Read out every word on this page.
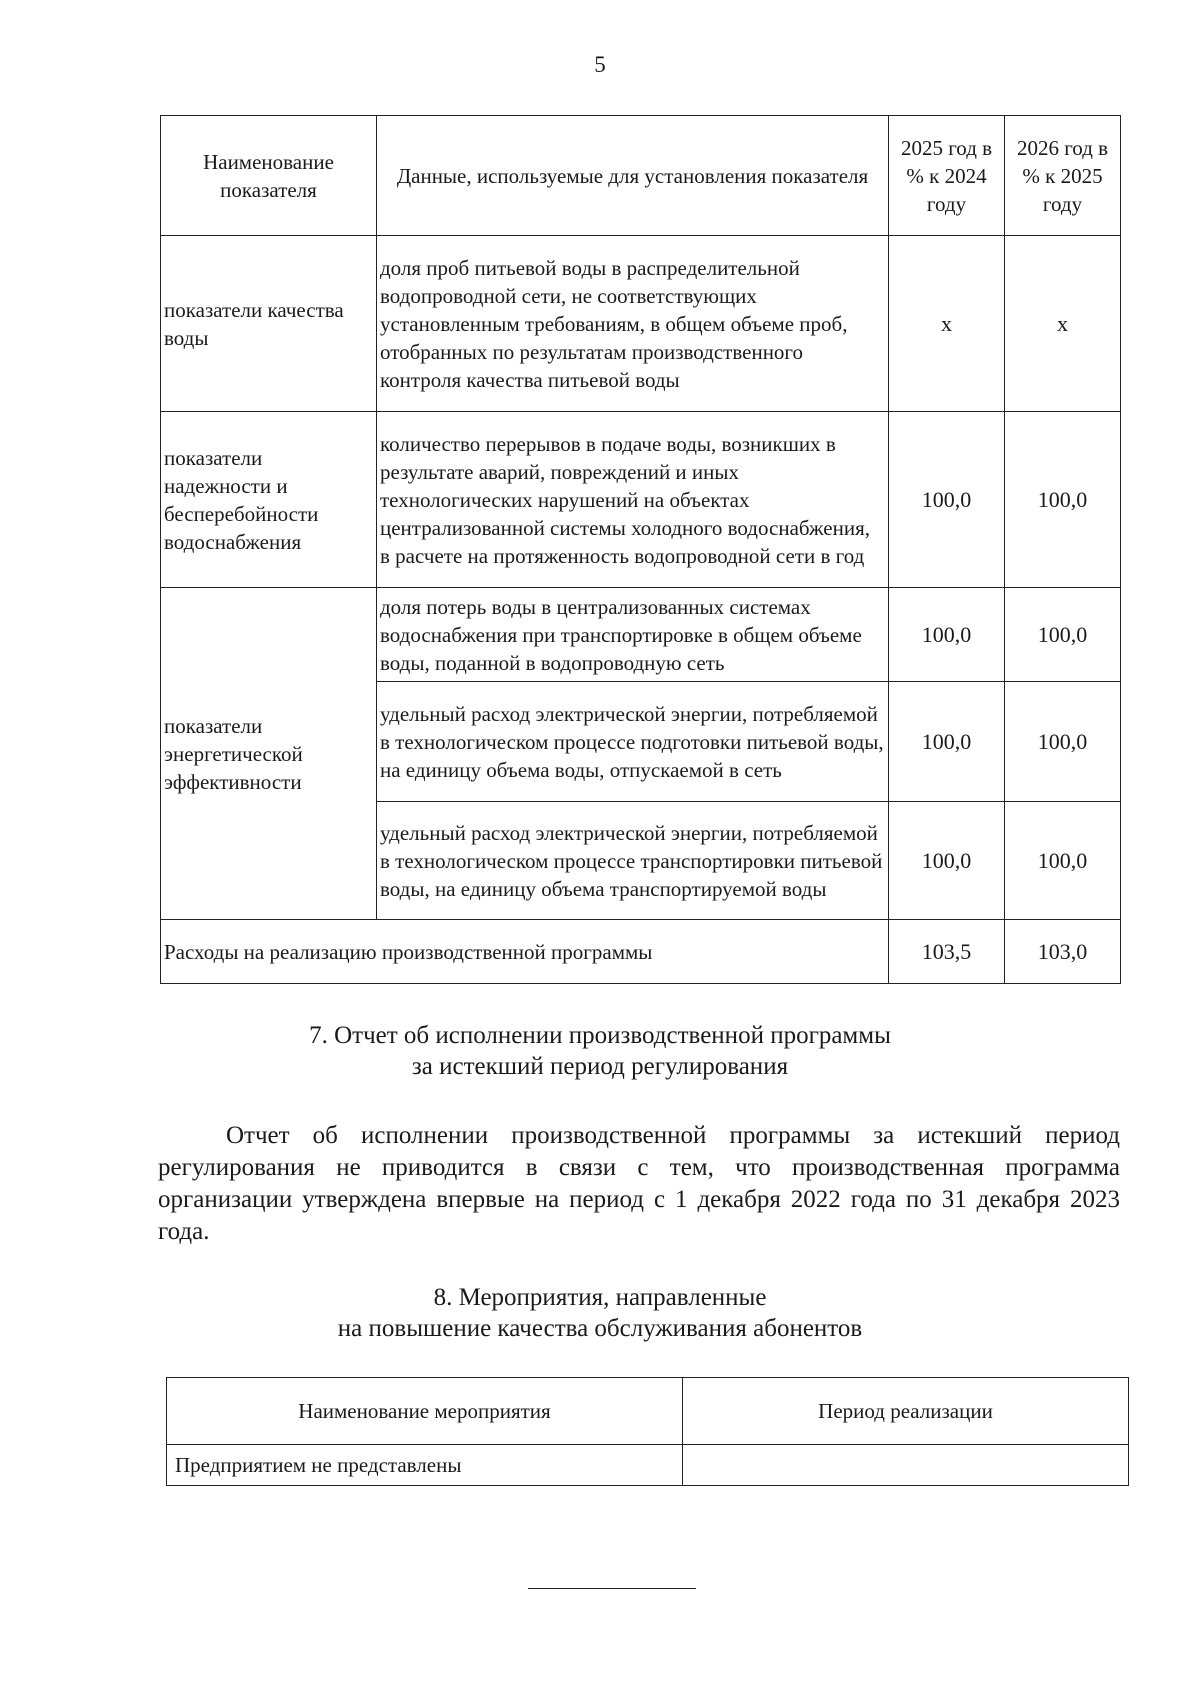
5
Наименование показателя	Данные, используемые для установления показателя	2025 год в % к 2024 году	2026 год в % к 2025 году
показатели качества воды	доля проб питьевой воды в распределительной водопроводной сети, не соответствующих установленным требованиям, в общем объеме проб, отобранных по результатам производственного контроля качества питьевой воды	х	х
показатели надежности и бесперебойности водоснабжения	количество перерывов в подаче воды, возникших в результате аварий, повреждений и иных технологических нарушений на объектах централизованной системы холодного водоснабжения, в расчете на протяженность водопроводной сети в год	100,0	100,0
показатели энергетической эффективности	доля потерь воды в централизованных системах водоснабжения при транспортировке в общем объеме воды, поданной в водопроводную сеть	100,0	100,0
	удельный расход электрической энергии, потребляемой в технологическом процессе подготовки питьевой воды, на единицу объема воды, отпускаемой в сеть	100,0	100,0
	удельный расход электрической энергии, потребляемой в технологическом процессе транспортировки питьевой воды, на единицу объема транспортируемой воды	100,0	100,0
Расходы на реализацию производственной программы		103,5	103,0
7. Отчет об исполнении производственной программы
за истекший период регулирования
Отчет об исполнении производственной программы за истекший период регулирования не приводится в связи с тем, что производственная программа организации утверждена впервые на период с 1 декабря 2022 года по 31 декабря 2023 года.
8. Мероприятия, направленные
на повышение качества обслуживания абонентов
Наименование мероприятия	Период реализации
Предприятием не представлены	
